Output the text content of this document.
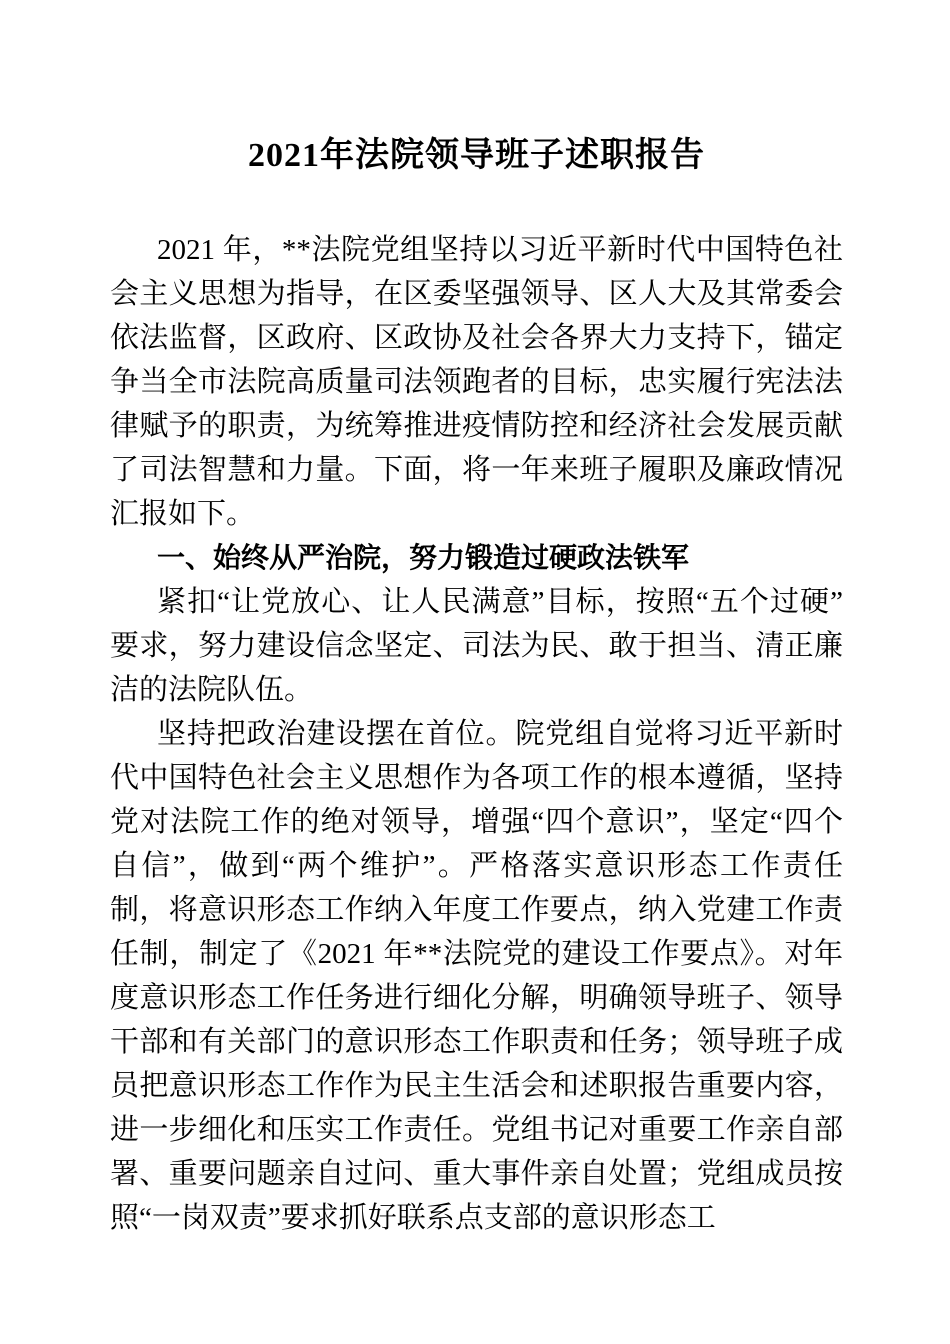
2021年法院领导班子述职报告

2021 年，**法院党组坚持以习近平新时代中国特色社会主义思想为指导，在区委坚强领导、区人大及其常委会依法监督，区政府、区政协及社会各界大力支持下，锚定争当全市法院高质量司法领跑者的目标，忠实履行宪法法律赋予的职责，为统筹推进疫情防控和经济社会发展贡献了司法智慧和力量。下面，将一年来班子履职及廉政情况汇报如下。

一、始终从严治院，努力锻造过硬政法铁军

紧扣“让党放心、让人民满意”目标，按照“五个过硬”要求，努力建设信念坚定、司法为民、敢于担当、清正廉洁的法院队伍。

坚持把政治建设摆在首位。院党组自觉将习近平新时代中国特色社会主义思想作为各项工作的根本遵循，坚持党对法院工作的绝对领导，增强“四个意识”，坚定“四个自信”，做到“两个维护”。严格落实意识形态工作责任制，将意识形态工作纳入年度工作要点，纳入党建工作责任制，制定了《2021 年**法院党的建设工作要点》。对年度意识形态工作任务进行细化分解，明确领导班子、领导干部和有关部门的意识形态工作职责和任务；领导班子成员把意识形态工作作为民主生活会和述职报告重要内容，进一步细化和压实工作责任。党组书记对重要工作亲自部署、重要问题亲自过问、重大事件亲自处置；党组成员按照“一岗双责”要求抓好联系点支部的意识形态工
